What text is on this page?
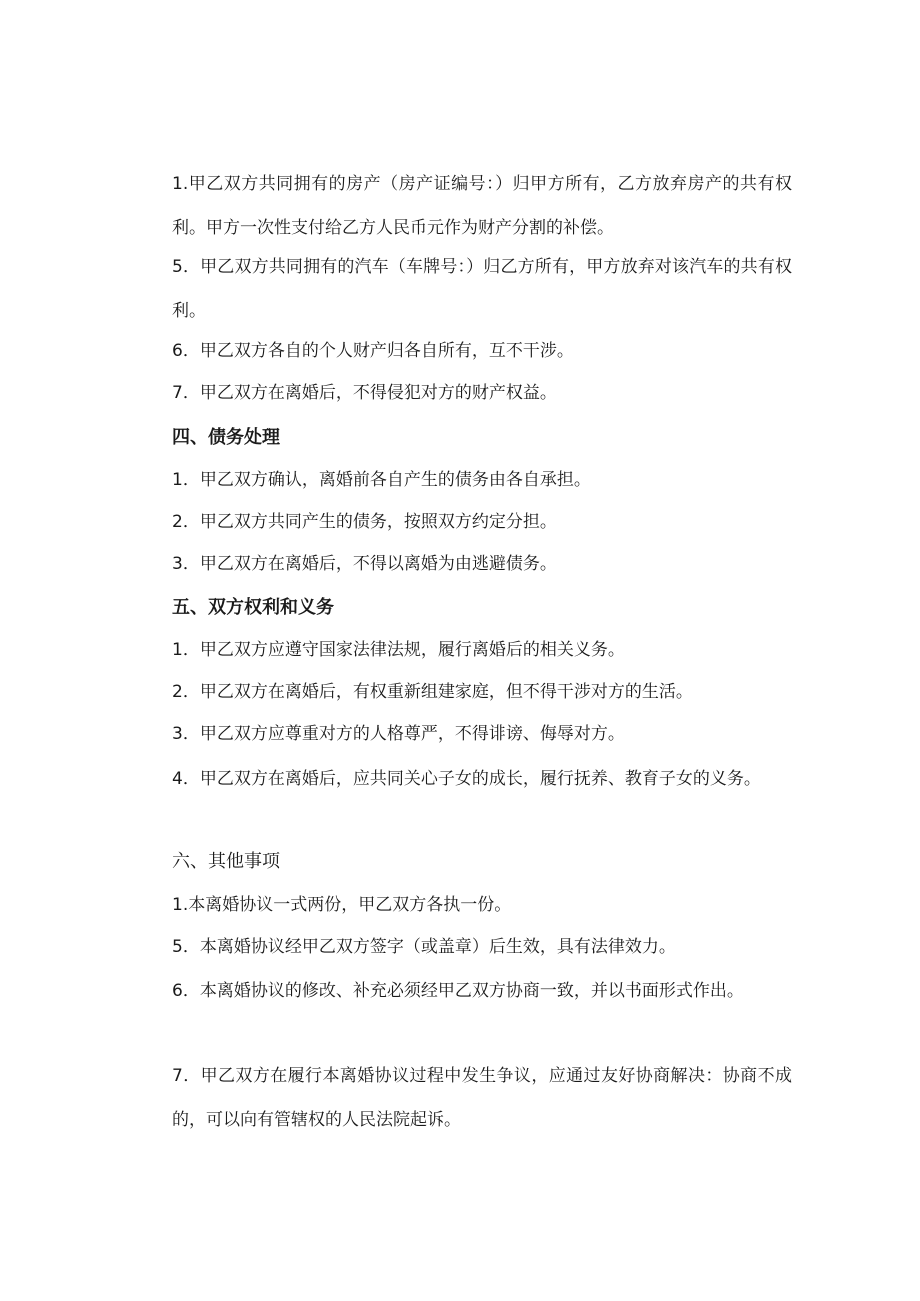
1.甲乙双方共同拥有的房产（房产证编号：）归甲方所有，乙方放弃房产的共有权利。甲方一次性支付给乙方人民币元作为财产分割的补偿。

5．甲乙双方共同拥有的汽车（车牌号：）归乙方所有，甲方放弃对该汽车的共有权利。

6．甲乙双方各自的个人财产归各自所有，互不干涉。

7．甲乙双方在离婚后，不得侵犯对方的财产权益。

四、债务处理

1．甲乙双方确认，离婚前各自产生的债务由各自承担。

2．甲乙双方共同产生的债务，按照双方约定分担。

3．甲乙双方在离婚后，不得以离婚为由逃避债务。

五、双方权利和义务

1．甲乙双方应遵守国家法律法规，履行离婚后的相关义务。

2．甲乙双方在离婚后，有权重新组建家庭，但不得干涉对方的生活。

3．甲乙双方应尊重对方的人格尊严，不得诽谤、侮辱对方。

4．甲乙双方在离婚后，应共同关心子女的成长，履行抚养、教育子女的义务。

六、其他事项

1.本离婚协议一式两份，甲乙双方各执一份。

5．本离婚协议经甲乙双方签字（或盖章）后生效，具有法律效力。

6．本离婚协议的修改、补充必须经甲乙双方协商一致，并以书面形式作出。

7．甲乙双方在履行本离婚协议过程中发生争议，应通过友好协商解决：协商不成的，可以向有管辖权的人民法院起诉。
